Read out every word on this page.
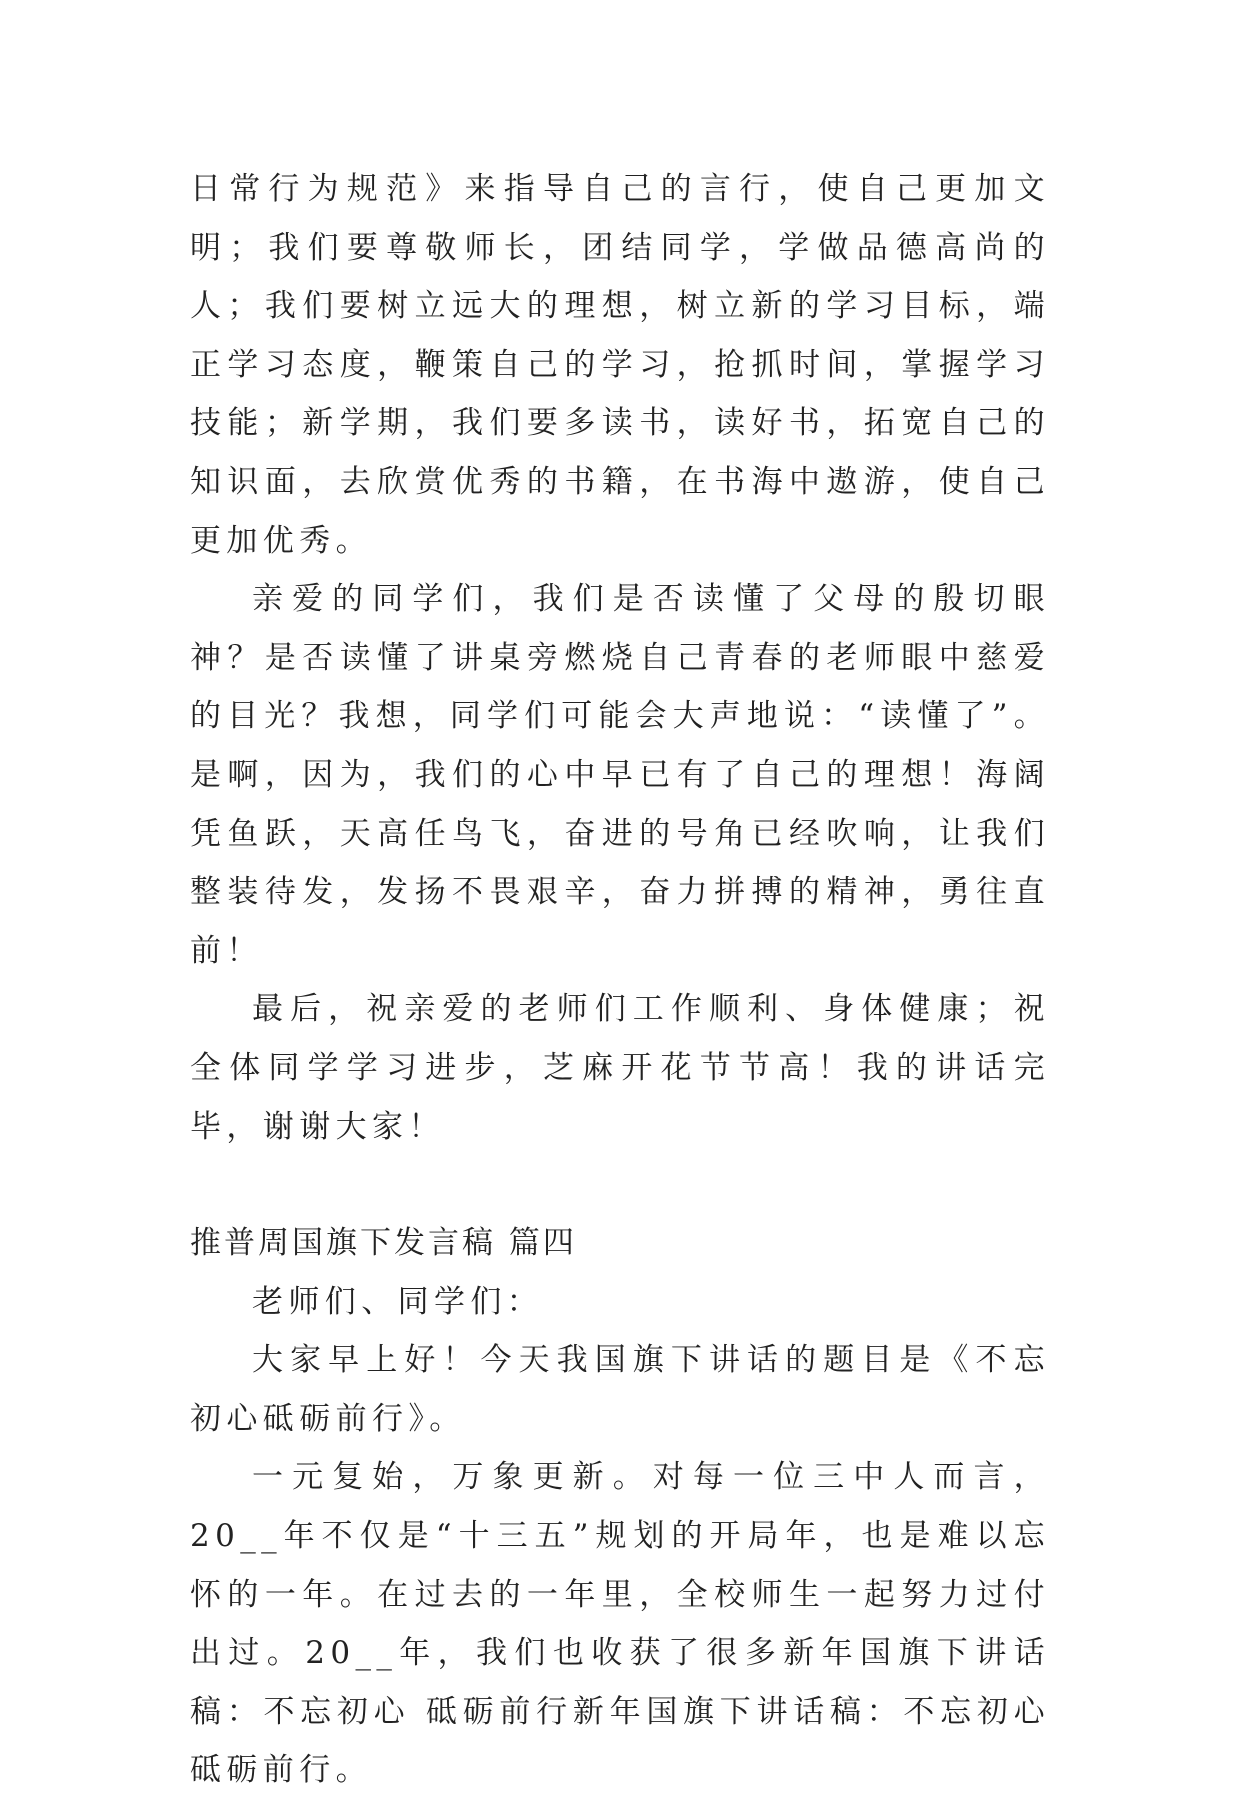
日常行为规范》来指导自己的言行，使自己更加文明；我们要尊敬师长，团结同学，学做品德高尚的人；我们要树立远大的理想，树立新的学习目标，端正学习态度，鞭策自己的学习，抢抓时间，掌握学习技能；新学期，我们要多读书，读好书，拓宽自己的知识面，去欣赏优秀的书籍，在书海中遨游，使自己更加优秀。

亲爱的同学们，我们是否读懂了父母的殷切眼神？是否读懂了讲桌旁燃烧自己青春的老师眼中慈爱的目光？我想，同学们可能会大声地说：“读懂了”。是啊，因为，我们的心中早已有了自己的理想！海阔凭鱼跃，天高任鸟飞，奋进的号角已经吹响，让我们整装待发，发扬不畏艰辛，奋力拼搏的精神，勇往直前！

最后，祝亲爱的老师们工作顺利、身体健康；祝全体同学学习进步，芝麻开花节节高！我的讲话完毕，谢谢大家！

推普周国旗下发言稿 篇四

老师们、同学们：

大家早上好！今天我国旗下讲话的题目是《不忘初心砥砺前行》。

一元复始，万象更新。对每一位三中人而言，20__年不仅是“十三五”规划的开局年，也是难以忘怀的一年。在过去的一年里，全校师生一起努力过付出过。20__年，我们也收获了很多新年国旗下讲话稿：不忘初心 砥砺前行新年国旗下讲话稿：不忘初心 砥砺前行。
